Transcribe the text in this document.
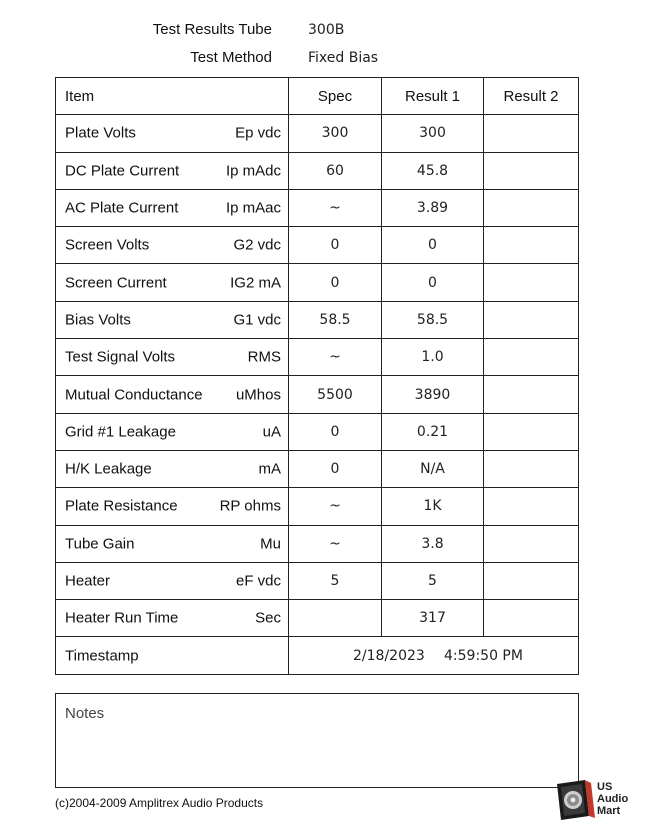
Test Results Tube	300B
Test Method	Fixed Bias
Item	Spec	Result 1	Result 2

Plate Volts Ep vdc	300	300	

DC Plate Current Ip mAdc	60	45.8	

AC Plate Current Ip mAac	~	3.89	

Screen Volts G2 vdc	0	0	

Screen Current IG2 mA	0	0	

Bias Volts G1 vdc	58.5	58.5	

Test Signal Volts RMS	~	1.0	

Mutual Conductance uMhos	5500	3890	

Grid #1 Leakage uA	0	0.21	

H/K Leakage mA	0	N/A	

Plate Resistance RP ohms	~	1K	

Tube Gain Mu	~	3.8	

Heater eF vdc	5	5	

Heater Run Time Sec		317	

Timestamp	2/18/2023 4:59:50 PM		
Notes
(c)2004-2009 Amplitrex Audio Products
US
Audio
Mart
